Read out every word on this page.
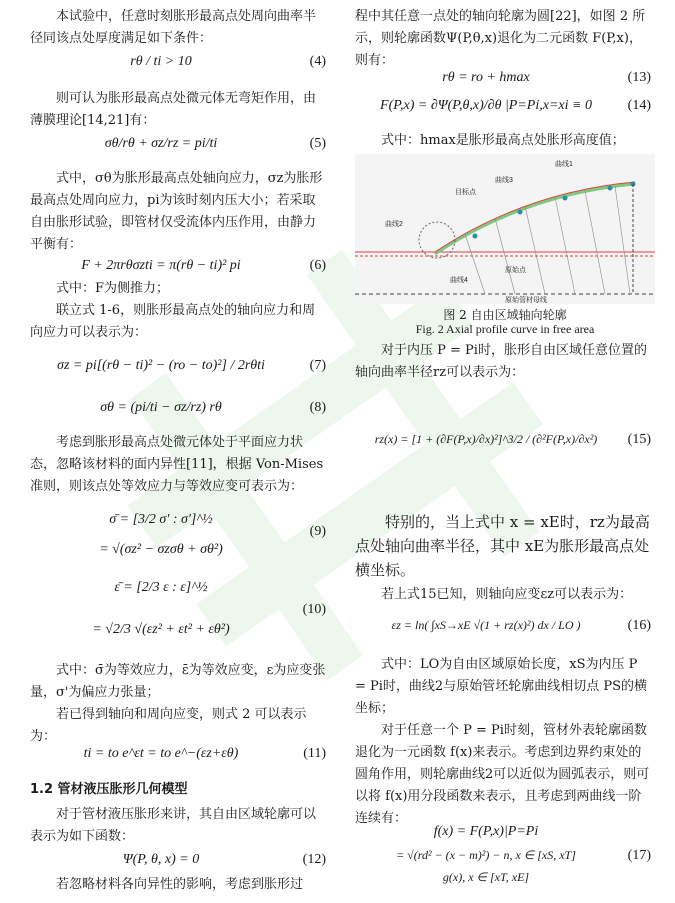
本试验中，任意时刻胀形最高点处周向曲率半径同该点处厚度满足如下条件：

rθ / ti > 10	(4)

则可认为胀形最高点处微元体无弯矩作用，由薄膜理论[14,21]有：

σθ/rθ + σz/rz = pi/ti	(5)

式中，σθ为胀形最高点处轴向应力，σz为胀形最高点处周向应力，pi为该时刻内压大小；若采取自由胀形试验，即管材仅受流体内压作用，由静力平衡有：

F + 2πrθσzti = π(rθ − ti)² pi	(6)

式中：F为侧推力；

联立式 1-6，则胀形最高点处的轴向应力和周向应力可以表示为：

σz = pi[(rθ − ti)² − (ro − to)²] / 2rθti	(7)
σθ = (pi/ti − σz/rz) rθ	(8)

考虑到胀形最高点处微元体处于平面应力状态，忽略该材料的面内异性[11]，根据 Von-Mises 准则，则该点处等效应力与等效应变可表示为：

σ̄ = [3/2 σ' : σ']^½
(9)
= √(σz² − σzσθ + σθ²)
ε̄ = [2/3 ε : ε]^½
(10)
= √2/3 √(εz² + εt² + εθ²)

式中：σ̄为等效应力，ε̄为等效应变，ε为应变张量，σ'为偏应力张量；

若已得到轴向和周向应变，则式 2 可以表示为：

ti = to e^εt = to e^−(εz+εθ)	(11)
1.2 管材液压胀形几何模型

对于管材液压胀形来讲，其自由区域轮廓可以表示为如下函数：

Ψ(P, θ, x) = 0	(12)

若忽略材料各向异性的影响，考虑到胀形过

程中其任意一点处的轴向轮廓为圆[22]，如图 2 所示，则轮廓函数Ψ(P,θ,x)退化为二元函数 F(P,x)，则有：

rθ = ro + hmax	(13)
F(P,x) = ∂Ψ(P,θ,x)/∂θ |P=Pi,x=xi ≡ 0	(14)

式中：hmax是胀形最高点处胀形高度值；

曲线1
曲线3
目标点
曲线2
原始点
曲线4
原始管材母线
图 2 自由区域轴向轮廓
Fig. 2 Axial profile curve in free area

对于内压 P = Pi时，胀形自由区域任意位置的轴向曲率半径rz可以表示为：

rz(x) = [1 + (∂F(P,x)/∂x)²]^3/2 / (∂²F(P,x)/∂x²)	(15)

特别的，当上式中 x = xE时，rz为最高点处轴向曲率半径，其中 xE为胀形最高点处横坐标。

若上式15已知，则轴向应变εz可以表示为：

εz = ln( ∫xS→xE √(1 + rz(x)²) dx / LO )	(16)

式中：LO为自由区域原始长度，xS为内压 P = Pi时，曲线2与原始管坯轮廓曲线相切点 PS的横坐标；

对于任意一个 P = Pi时刻，管材外表轮廓函数退化为一元函数 f(x)来表示。考虑到边界约束处的圆角作用，则轮廓曲线2可以近似为圆弧表示，则可以将 f(x)用分段函数来表示，且考虑到两曲线一阶连续有：

f(x) = F(P,x)|P=Pi
(17)
= √(rd² − (x − m)²) − n, x ∈ [xS, xT]
g(x), x ∈ [xT, xE]
